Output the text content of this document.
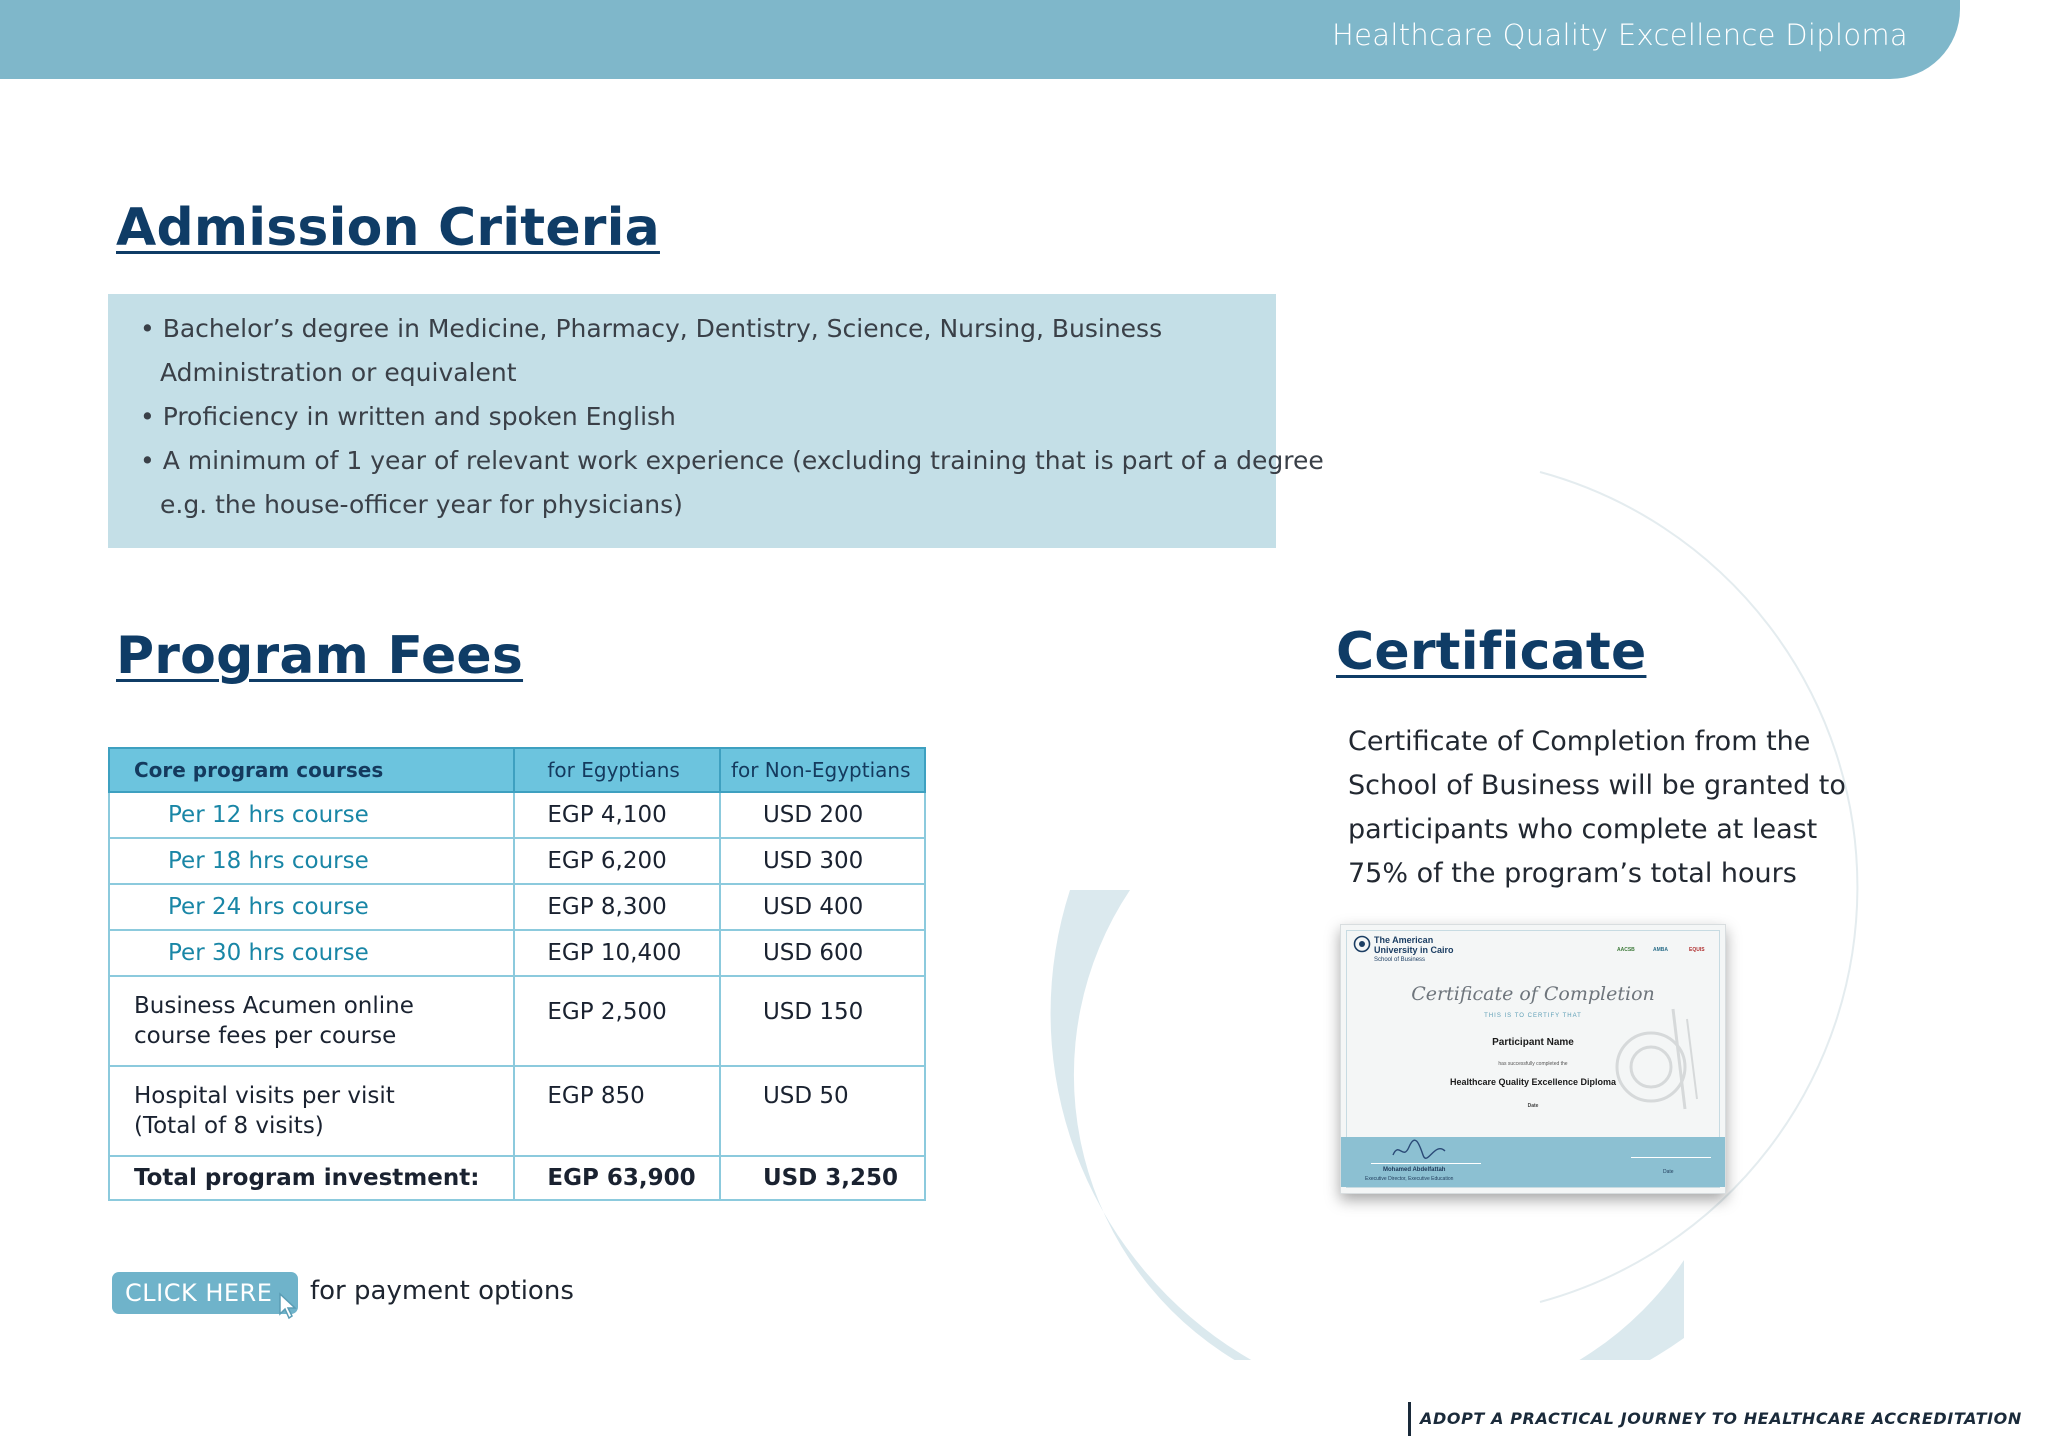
Healthcare Quality Excellence Diploma
Admission Criteria
• Bachelor’s degree in Medicine, Pharmacy, Dentistry, Science, Nursing, Business
Administration or equivalent
• Proficiency in written and spoken English
• A minimum of 1 year of relevant work experience (excluding training that is part of a degree
e.g. the house-officer year for physicians)
Program Fees
Core program courses	for Egyptians	for Non-Egyptians
Per 12 hrs course	EGP 4,100	USD 200
Per 18 hrs course	EGP 6,200	USD 300
Per 24 hrs course	EGP 8,300	USD 400
Per 30 hrs course	EGP 10,400	USD 600

Business Acumen online
course fees per course	EGP 2,500	USD 150

Hospital visits per visit
(Total of 8 visits)	EGP 850	USD 50
Total program investment:	EGP 63,900	USD 3,250
CLICK HERE	for payment options
Certificate
Certificate of Completion from the
School of Business will be granted to
participants who complete at least
75% of the program’s total hours
The American
University in Cairo
School of Business
AACSB	AMBA	EQUIS
Certificate of Completion
THIS IS TO CERTIFY THAT
Participant Name
has successfully completed the
Healthcare Quality Excellence Diploma
Date
Mohamed Abdelfattah
Executive Director, Executive Education
Date
ADOPT A PRACTICAL JOURNEY TO HEALTHCARE ACCREDITATION
